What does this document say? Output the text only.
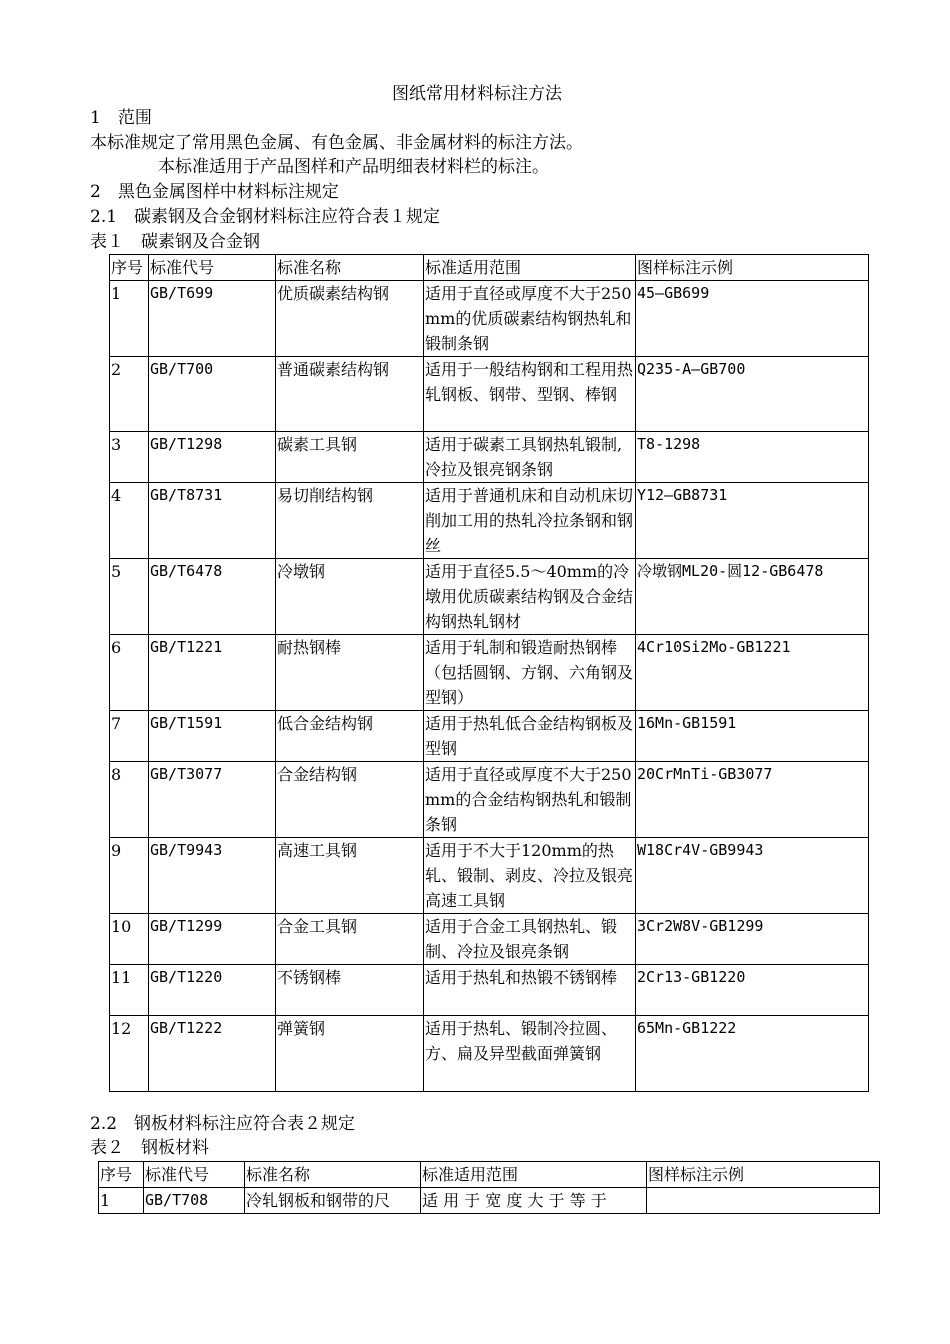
图纸常用材料标注方法
1　范围
本标准规定了常用黑色金属、有色金属、非金属材料的标注方法。
本标准适用于产品图样和产品明细表材料栏的标注。
2　黑色金属图样中材料标注规定
2.1　碳素钢及合金钢材料标注应符合表１规定
表１　碳素钢及合金钢
序号	标准代号	标准名称	标准适用范围	图样标注示例
1	GB/T699	优质碳素结构钢	适用于直径或厚度不大于250mm的优质碳素结构钢热轧和锻制条钢	45—GB699
2	GB/T700	普通碳素结构钢	适用于一般结构钢和工程用热轧钢板、钢带、型钢、棒钢	Q235-A—GB700
3	GB/T1298	碳素工具钢	适用于碳素工具钢热轧锻制,冷拉及银亮钢条钢	T8-1298
4	GB/T8731	易切削结构钢	适用于普通机床和自动机床切削加工用的热轧冷拉条钢和钢丝	Y12—GB8731
5	GB/T6478	冷墩钢	适用于直径5.5～40mm的冷墩用优质碳素结构钢及合金结构钢热轧钢材	冷墩钢ML20-圆12-GB6478
6	GB/T1221	耐热钢棒	适用于轧制和锻造耐热钢棒（包括圆钢、方钢、六角钢及型钢）	4Cr10Si2Mo-GB1221
7	GB/T1591	低合金结构钢	适用于热轧低合金结构钢板及型钢	16Mn-GB1591
8	GB/T3077	合金结构钢	适用于直径或厚度不大于250mm的合金结构钢热轧和锻制条钢	20CrMnTi-GB3077
9	GB/T9943	高速工具钢	适用于不大于120mm的热轧、锻制、剥皮、冷拉及银亮高速工具钢	W18Cr4V-GB9943
10	GB/T1299	合金工具钢	适用于合金工具钢热轧、锻制、冷拉及银亮条钢	3Cr2W8V-GB1299
11	GB/T1220	不锈钢棒	适用于热轧和热锻不锈钢棒	2Cr13-GB1220
12	GB/T1222	弹簧钢	适用于热轧、锻制冷拉圆、方、扁及异型截面弹簧钢	65Mn-GB1222
2.2　钢板材料标注应符合表２规定
表２　钢板材料
序号	标准代号	标准名称	标准适用范围	图样标注示例
1	GB/T708	冷轧钢板和钢带的尺	适 用 于 宽 度 大 于 等 于	
